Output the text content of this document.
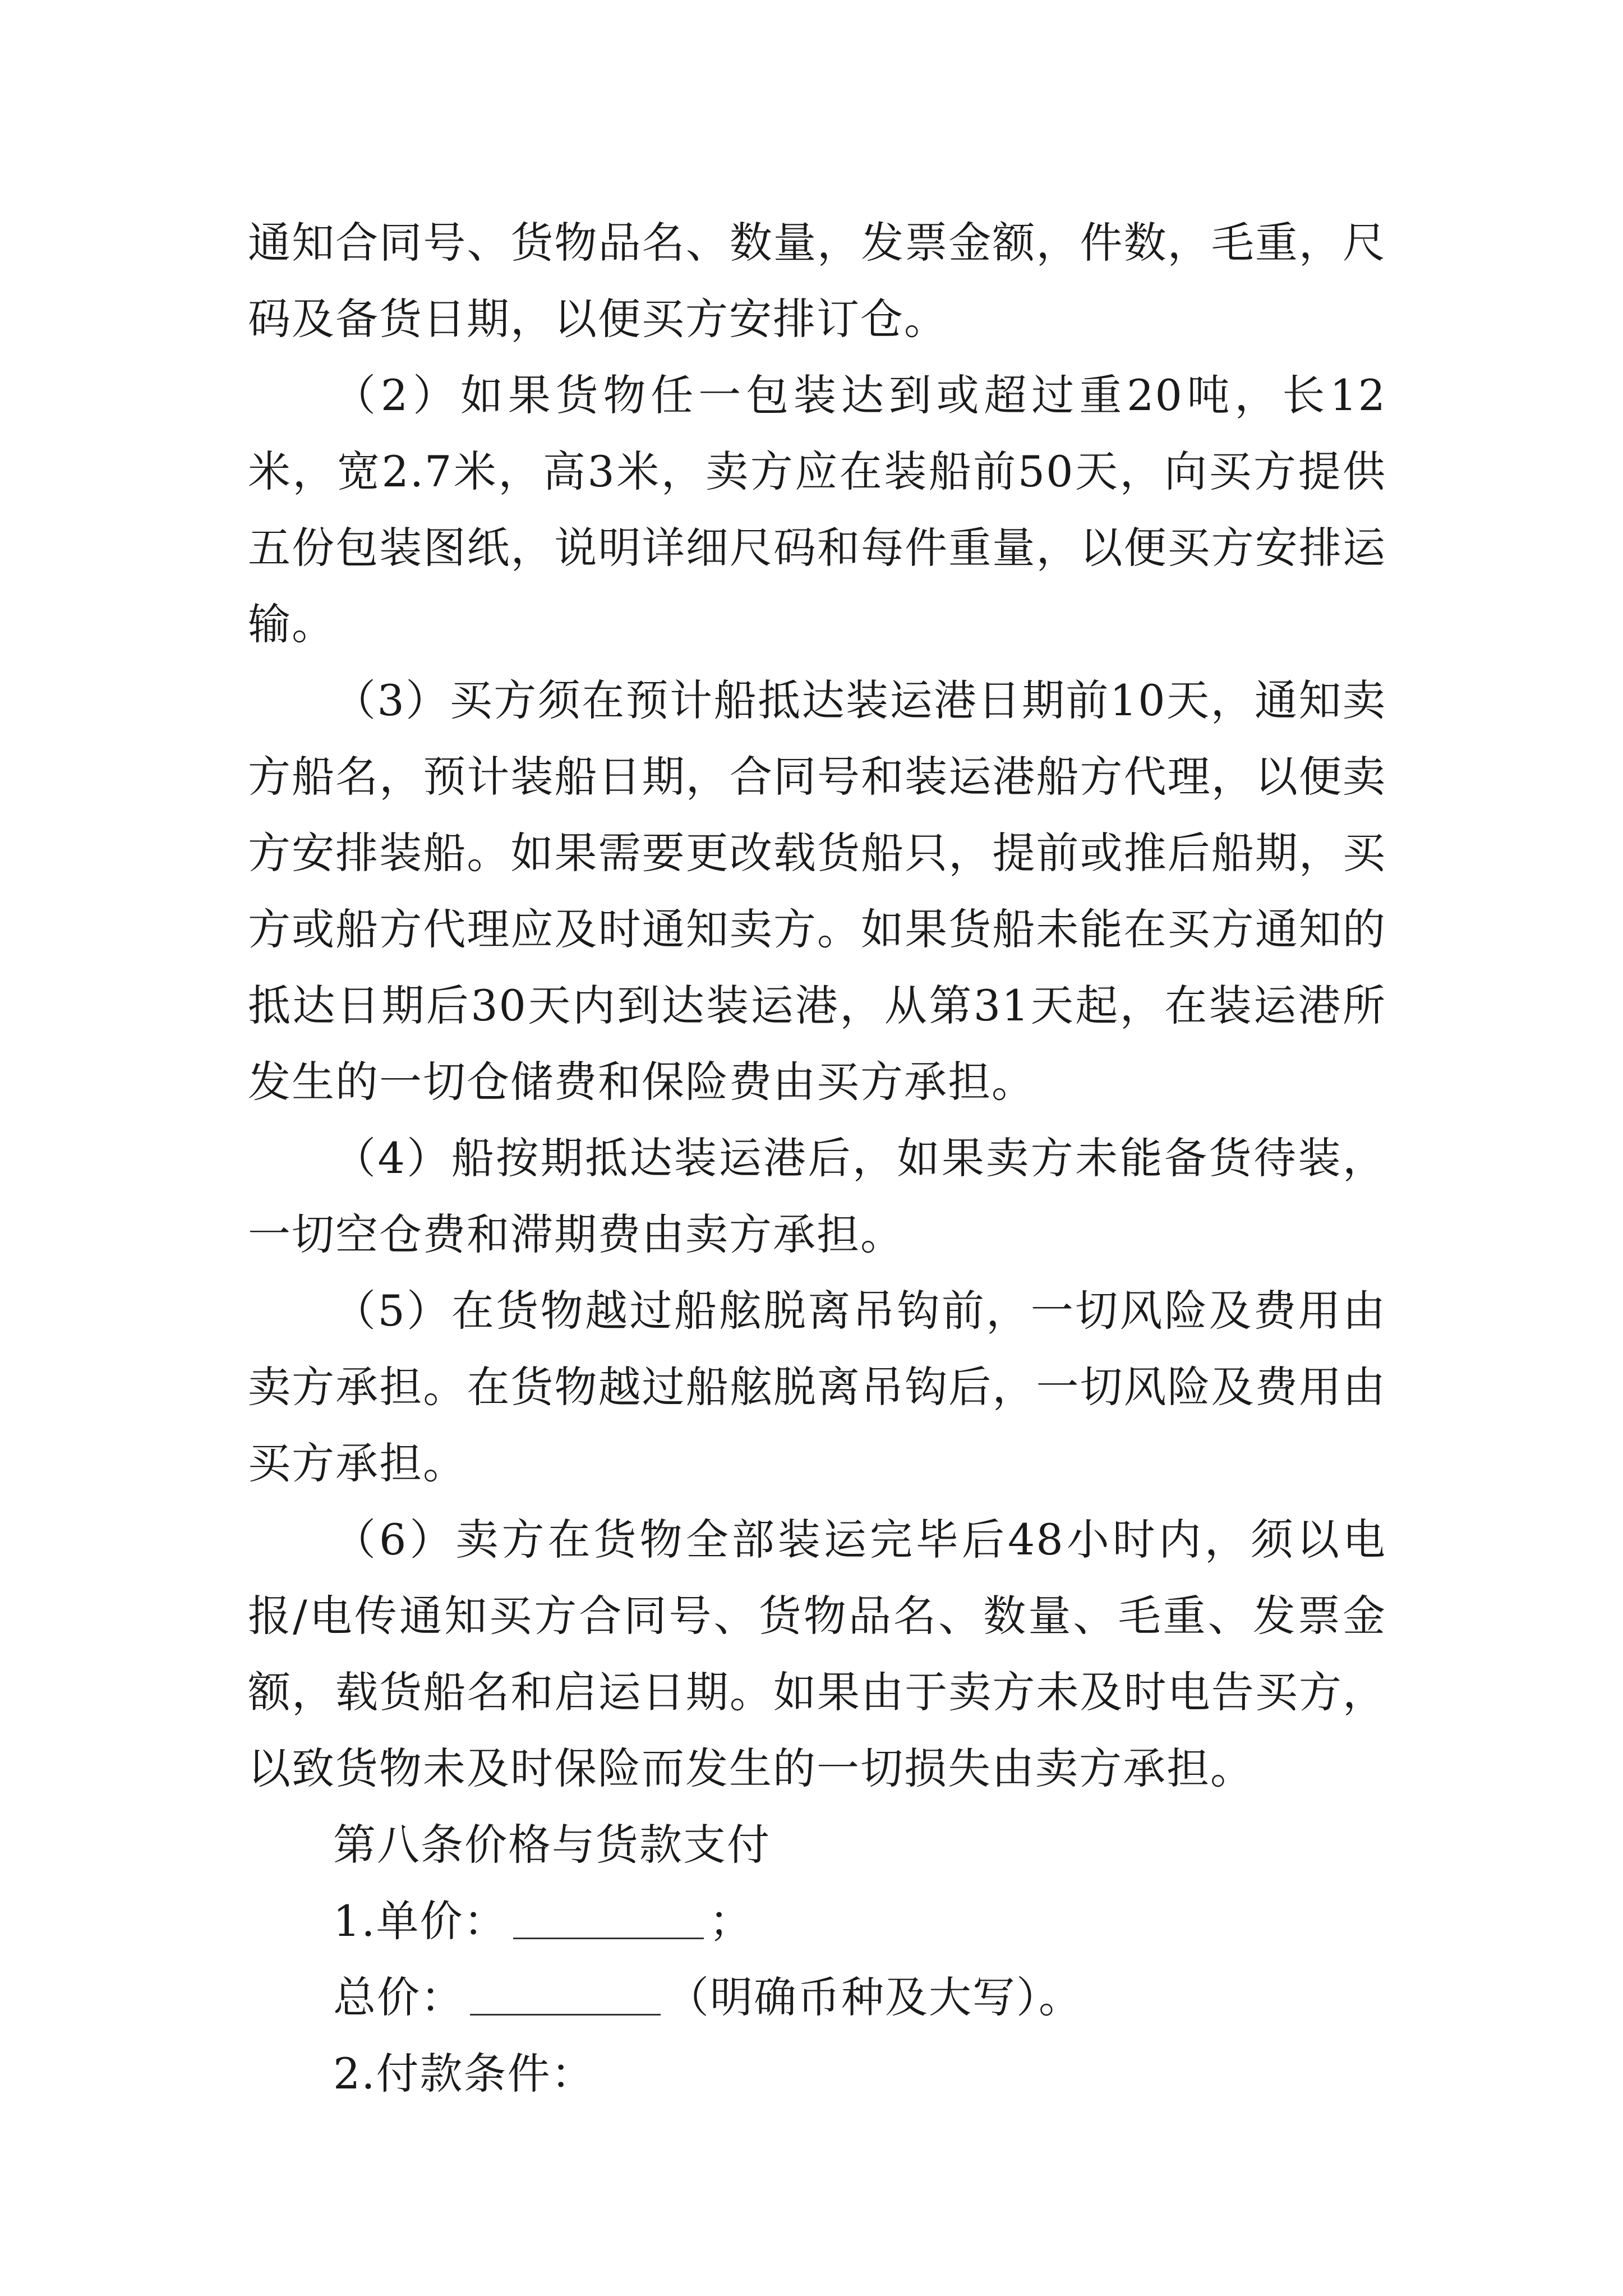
通知合同号、货物品名、数量，发票金额，件数，毛重，尺码及备货日期，以便买方安排订仓。

（2）如果货物任一包装达到或超过重20吨，长12米，宽2.7米，高3米，卖方应在装船前50天，向买方提供五份包装图纸，说明详细尺码和每件重量，以便买方安排运输。

（3）买方须在预计船抵达装运港日期前10天，通知卖方船名，预计装船日期，合同号和装运港船方代理，以便卖方安排装船。如果需要更改载货船只，提前或推后船期，买方或船方代理应及时通知卖方。如果货船未能在买方通知的抵达日期后30天内到达装运港，从第31天起，在装运港所发生的一切仓储费和保险费由买方承担。

（4）船按期抵达装运港后，如果卖方未能备货待装，一切空仓费和滞期费由卖方承担。

（5）在货物越过船舷脱离吊钩前，一切风险及费用由卖方承担。在货物越过船舷脱离吊钩后，一切风险及费用由买方承担。

（6）卖方在货物全部装运完毕后48小时内，须以电报/电传通知买方合同号、货物品名、数量、毛重、发票金额，载货船名和启运日期。如果由于卖方未及时电告买方，以致货物未及时保险而发生的一切损失由卖方承担。

第八条价格与货款支付

1.单价：	；

总价：	（明确币种及大写）。

2.付款条件：
